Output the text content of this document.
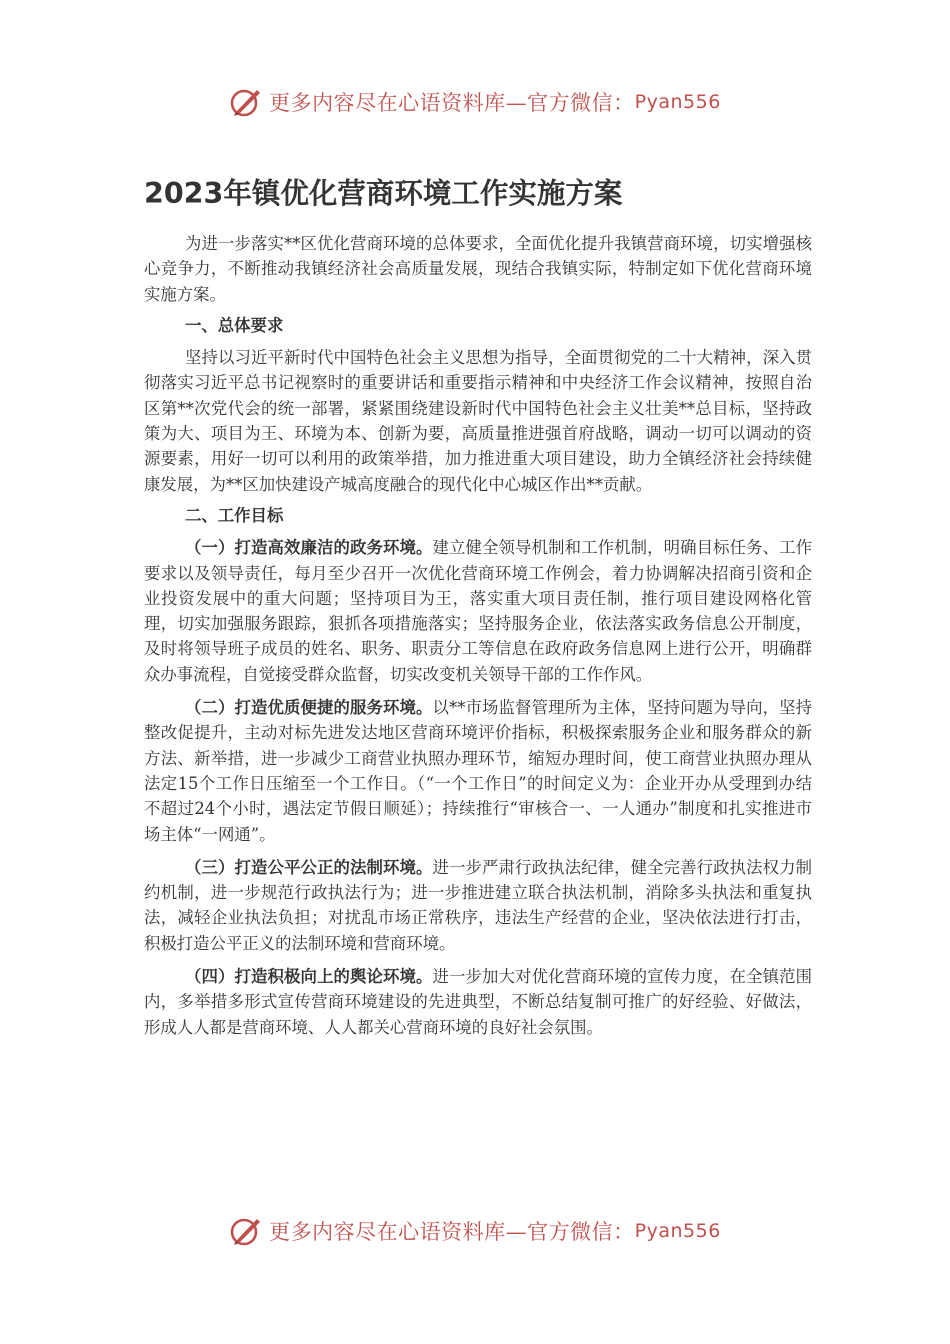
更多内容尽在心语资料库—官方微信： Pyan556
2023年镇优化营商环境工作实施方案

为进一步落实**区优化营商环境的总体要求，全面优化提升我镇营商环境，切实增强核心竞争力，不断推动我镇经济社会高质量发展，现结合我镇实际，特制定如下优化营商环境实施方案。

一、总体要求

坚持以习近平新时代中国特色社会主义思想为指导，全面贯彻党的二十大精神，深入贯彻落实习近平总书记视察时的重要讲话和重要指示精神和中央经济工作会议精神，按照自治区第**次党代会的统一部署，紧紧围绕建设新时代中国特色社会主义壮美**总目标，坚持政策为大、项目为王、环境为本、创新为要，高质量推进强首府战略，调动一切可以调动的资源要素，用好一切可以利用的政策举措，加力推进重大项目建设，助力全镇经济社会持续健康发展，为**区加快建设产城高度融合的现代化中心城区作出**贡献。

二、工作目标

（一）打造高效廉洁的政务环境。建立健全领导机制和工作机制，明确目标任务、工作要求以及领导责任，每月至少召开一次优化营商环境工作例会，着力协调解决招商引资和企业投资发展中的重大问题；坚持项目为王，落实重大项目责任制，推行项目建设网格化管理，切实加强服务跟踪，狠抓各项措施落实；坚持服务企业，依法落实政务信息公开制度，及时将领导班子成员的姓名、职务、职责分工等信息在政府政务信息网上进行公开，明确群众办事流程，自觉接受群众监督，切实改变机关领导干部的工作作风。

（二）打造优质便捷的服务环境。以**市场监督管理所为主体，坚持问题为导向，坚持整改促提升，主动对标先进发达地区营商环境评价指标，积极探索服务企业和服务群众的新方法、新举措，进一步减少工商营业执照办理环节，缩短办理时间，使工商营业执照办理从法定15个工作日压缩至一个工作日。（“一个工作日”的时间定义为：企业开办从受理到办结不超过24个小时，遇法定节假日顺延）；持续推行“审核合一、一人通办”制度和扎实推进市场主体“一网通”。

（三）打造公平公正的法制环境。进一步严肃行政执法纪律，健全完善行政执法权力制约机制，进一步规范行政执法行为；进一步推进建立联合执法机制，消除多头执法和重复执法，减轻企业执法负担；对扰乱市场正常秩序，违法生产经营的企业，坚决依法进行打击，积极打造公平正义的法制环境和营商环境。

（四）打造积极向上的舆论环境。进一步加大对优化营商环境的宣传力度，在全镇范围内，多举措多形式宣传营商环境建设的先进典型，不断总结复制可推广的好经验、好做法，形成人人都是营商环境、人人都关心营商环境的良好社会氛围。

更多内容尽在心语资料库—官方微信： Pyan556
